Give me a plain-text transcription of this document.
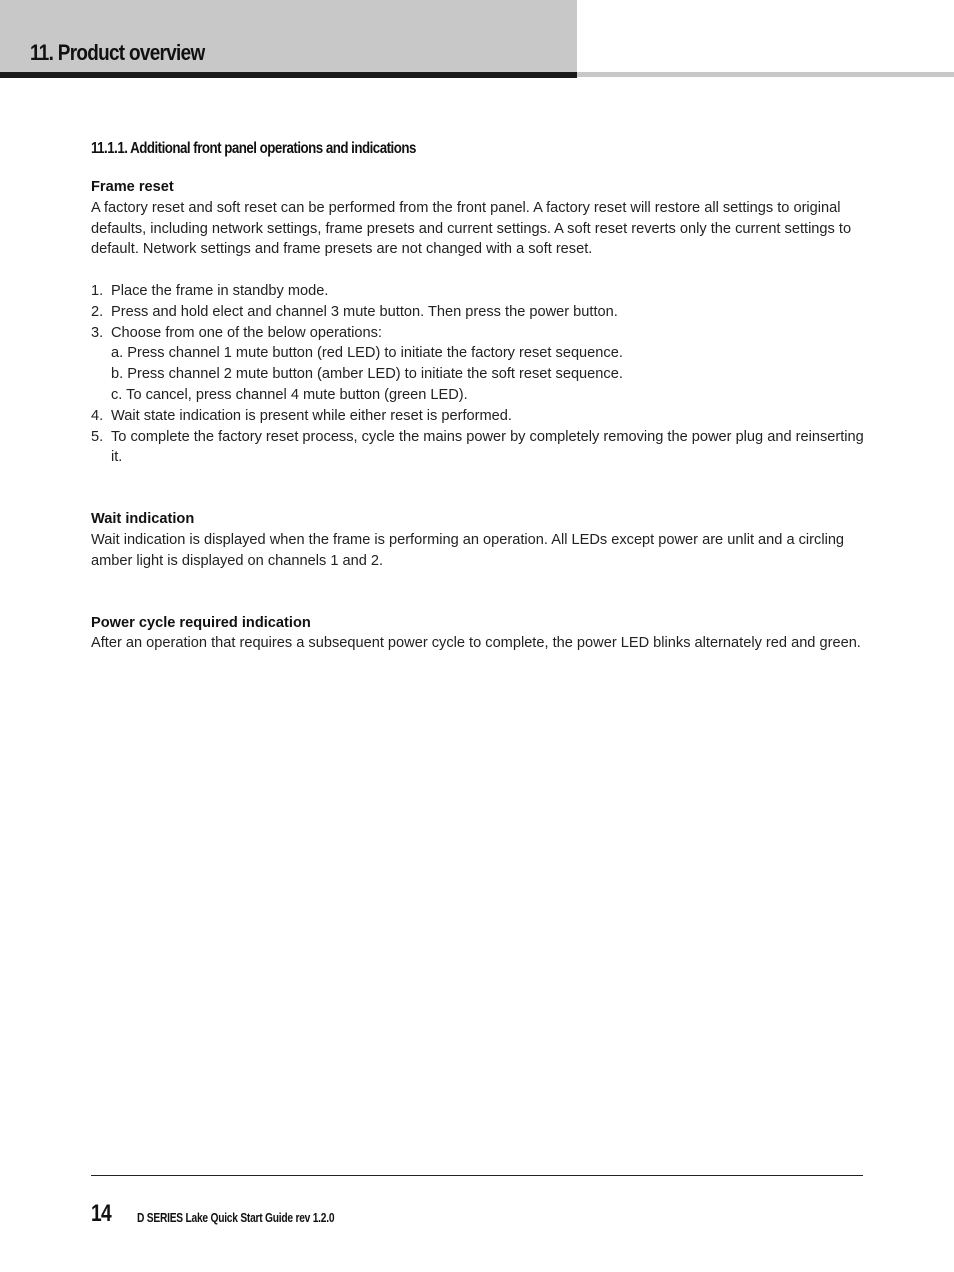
11. Product overview
11.1.1. Additional front panel operations and indications

Frame reset

A factory reset and soft reset can be performed from the front panel. A factory reset will restore all settings to original defaults, including network settings, frame presets and current settings. A soft reset reverts only the current settings to default. Network settings and frame presets are not changed with a soft reset.

1. Place the frame in standby mode.
2. Press and hold elect and channel 3 mute button. Then press the power button.
3. Choose from one of the below operations:
a. Press channel 1 mute button (red LED) to initiate the factory reset sequence.
b. Press channel 2 mute button (amber LED) to initiate the soft reset sequence.
c. To cancel, press channel 4 mute button (green LED).
4. Wait state indication is present while either reset is performed.
5. To complete the factory reset process, cycle the mains power by completely removing the power plug and reinserting it.

Wait indication

Wait indication is displayed when the frame is performing an operation. All LEDs except power are unlit and a circling amber light is displayed on channels 1 and 2.

Power cycle required indication

After an operation that requires a subsequent power cycle to complete, the power LED blinks alternately red and green.

14 D SERIES Lake Quick Start Guide rev 1.2.0
